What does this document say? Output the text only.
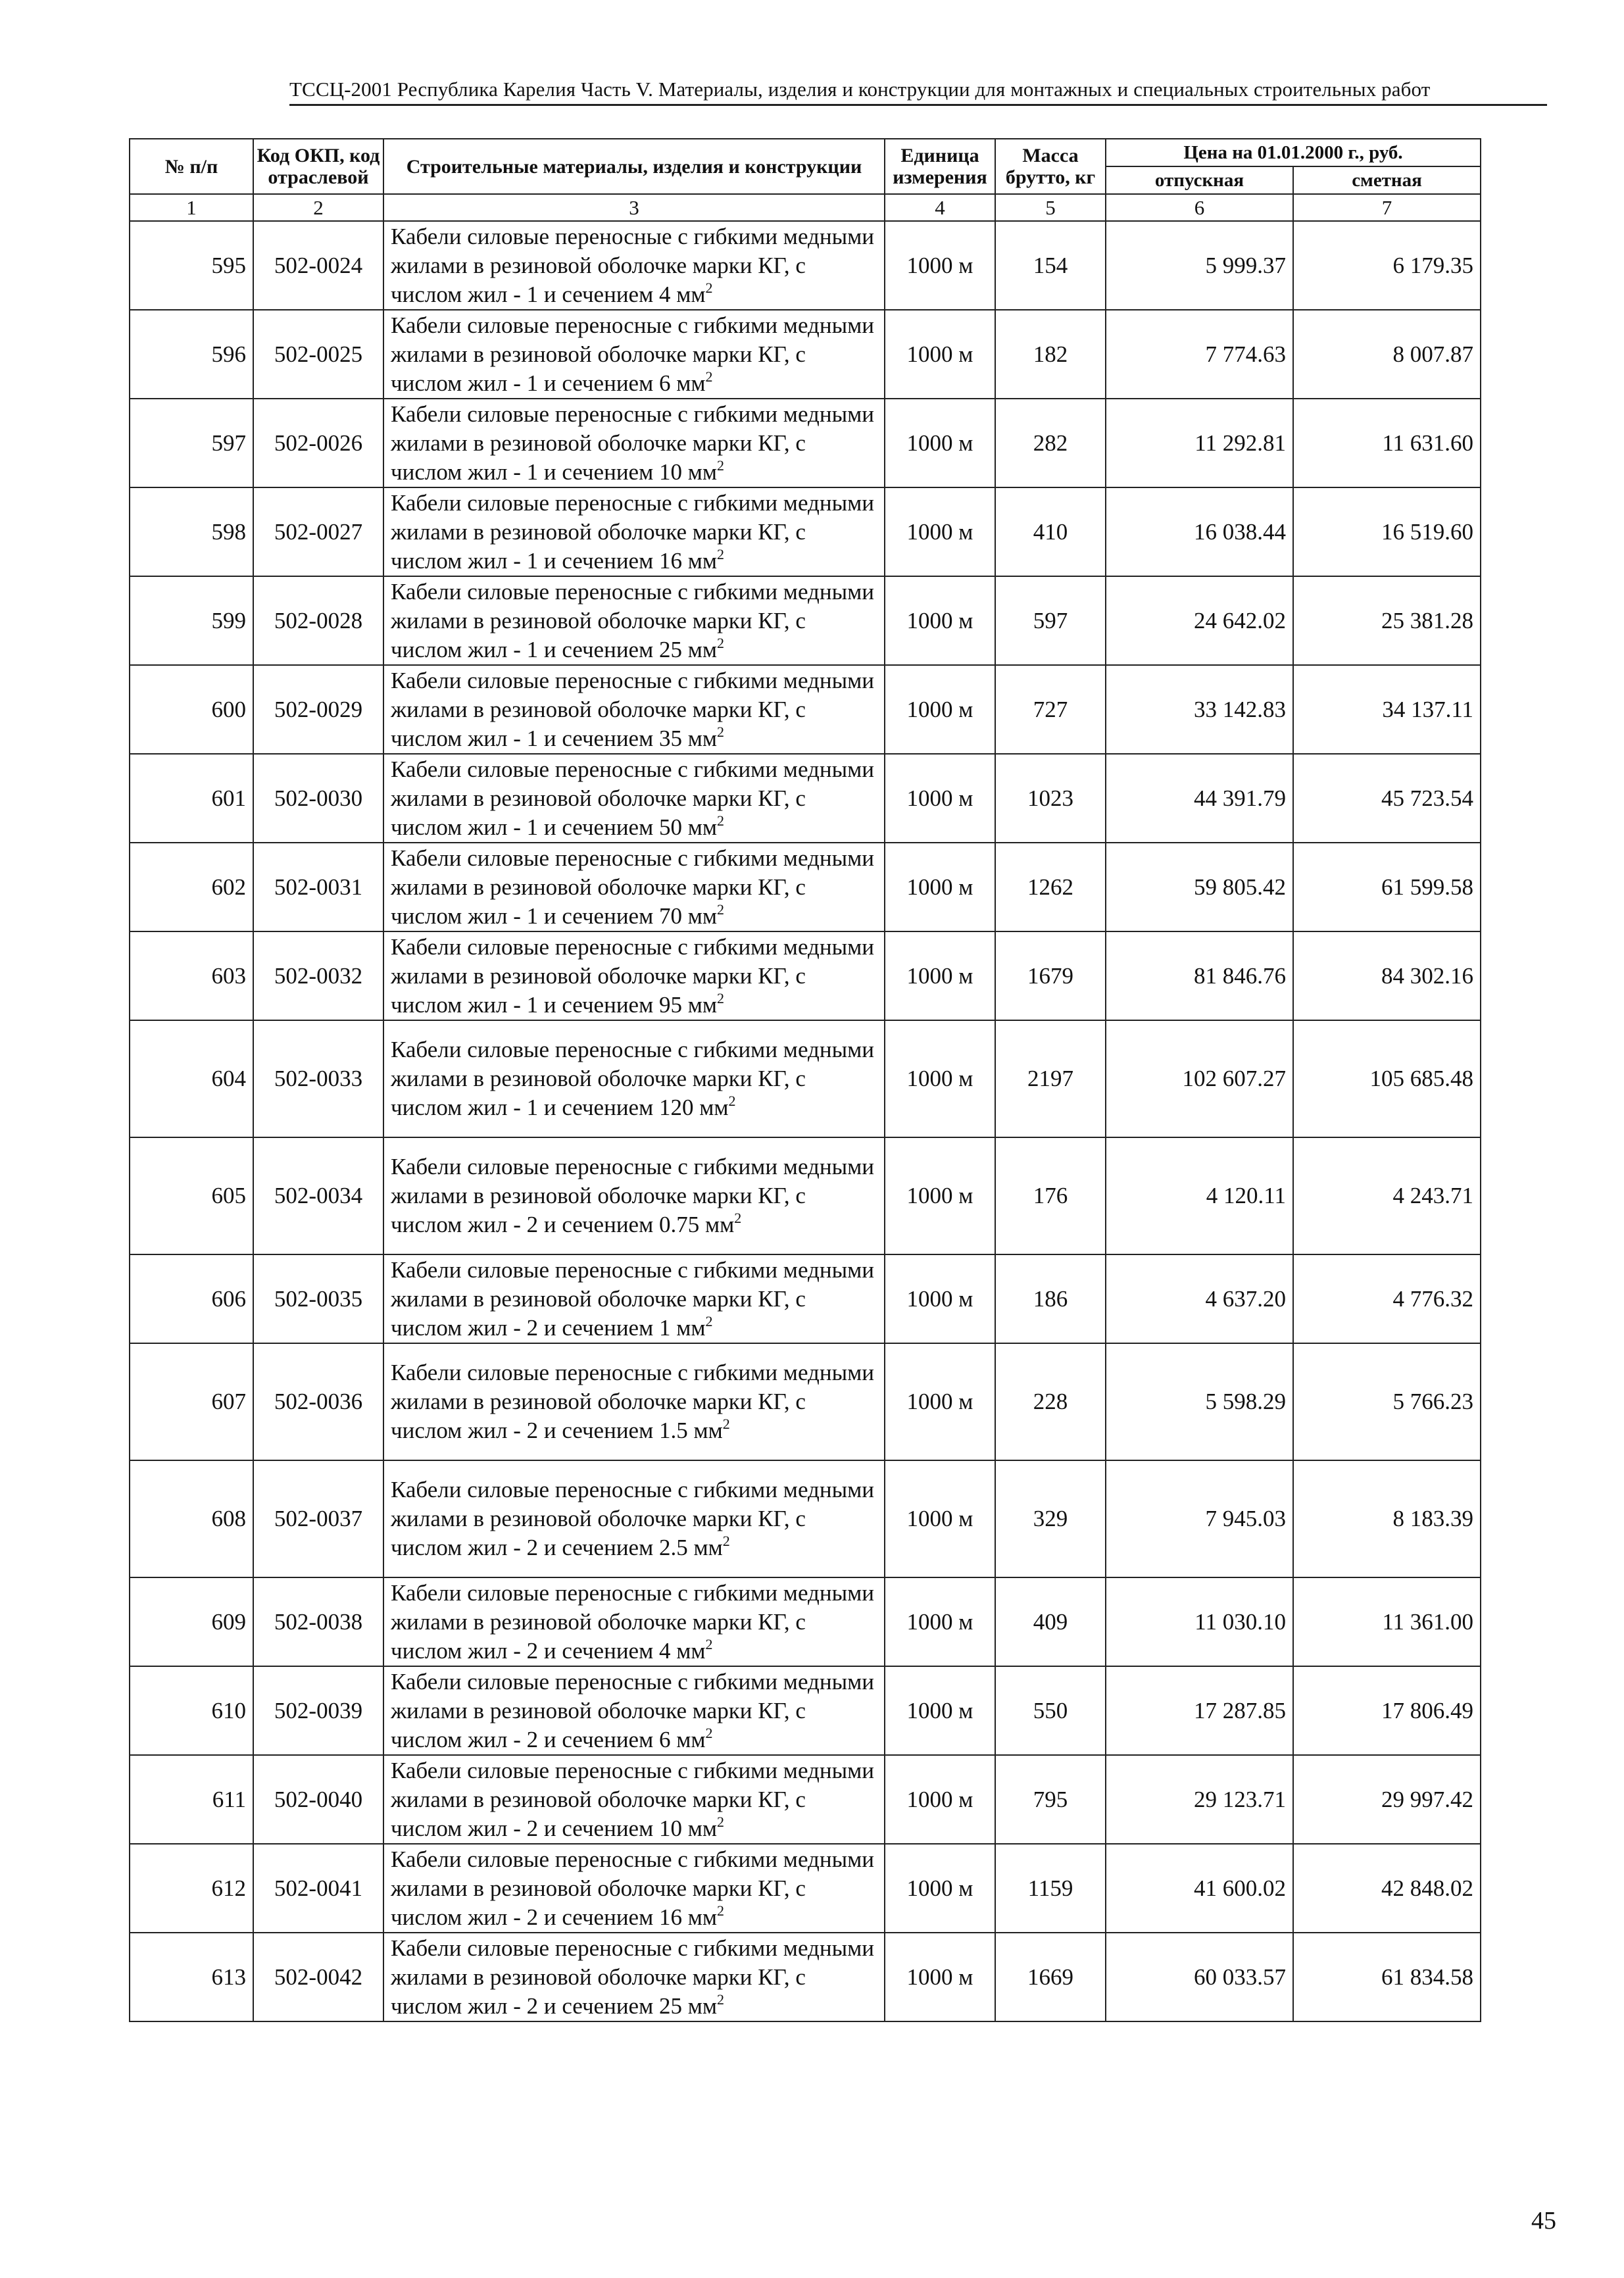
ТССЦ-2001 Республика Карелия Часть V. Материалы, изделия и конструкции для монтажных и специальных строительных работ
№ п/п	Код ОКП, код отраслевой	Строительные материалы, изделия и конструкции	Единица измерения	Масса брутто, кг	Цена на 01.01.2000 г., руб.	
					отпускная	сметная
1	2	3	4	5	6	7
595	502-0024	Кабели силовые переносные с гибкими медными жилами в резиновой оболочке марки КГ, с числом жил - 1 и сечением 4 $мм^2$	1000 м	154	5 999.37	6 179.35
596	502-0025	Кабели силовые переносные с гибкими медными жилами в резиновой оболочке марки КГ, с числом жил - 1 и сечением 6 $мм^2$	1000 м	182	7 774.63	8 007.87
597	502-0026	Кабели силовые переносные с гибкими медными жилами в резиновой оболочке марки КГ, с числом жил - 1 и сечением 10 $мм^2$	1000 м	282	11 292.81	11 631.60
598	502-0027	Кабели силовые переносные с гибкими медными жилами в резиновой оболочке марки КГ, с числом жил - 1 и сечением 16 $мм^2$	1000 м	410	16 038.44	16 519.60
599	502-0028	Кабели силовые переносные с гибкими медными жилами в резиновой оболочке марки КГ, с числом жил - 1 и сечением 25 $мм^2$	1000 м	597	24 642.02	25 381.28
600	502-0029	Кабели силовые переносные с гибкими медными жилами в резиновой оболочке марки КГ, с числом жил - 1 и сечением 35 $мм^2$	1000 м	727	33 142.83	34 137.11
601	502-0030	Кабели силовые переносные с гибкими медными жилами в резиновой оболочке марки КГ, с числом жил - 1 и сечением 50 $мм^2$	1000 м	1023	44 391.79	45 723.54
602	502-0031	Кабели силовые переносные с гибкими медными жилами в резиновой оболочке марки КГ, с числом жил - 1 и сечением 70 $мм^2$	1000 м	1262	59 805.42	61 599.58
603	502-0032	Кабели силовые переносные с гибкими медными жилами в резиновой оболочке марки КГ, с числом жил - 1 и сечением 95 $мм^2$	1000 м	1679	81 846.76	84 302.16
604	502-0033	Кабели силовые переносные с гибкими медными жилами в резиновой оболочке марки КГ, с числом жил - 1 и сечением 120 $мм^2$	1000 м	2197	102 607.27	105 685.48
605	502-0034	Кабели силовые переносные с гибкими медными жилами в резиновой оболочке марки КГ, с числом жил - 2 и сечением 0.75 $мм^2$	1000 м	176	4 120.11	4 243.71
606	502-0035	Кабели силовые переносные с гибкими медными жилами в резиновой оболочке марки КГ, с числом жил - 2 и сечением 1 $мм^2$	1000 м	186	4 637.20	4 776.32
607	502-0036	Кабели силовые переносные с гибкими медными жилами в резиновой оболочке марки КГ, с числом жил - 2 и сечением 1.5 $мм^2$	1000 м	228	5 598.29	5 766.23
608	502-0037	Кабели силовые переносные с гибкими медными жилами в резиновой оболочке марки КГ, с числом жил - 2 и сечением 2.5 $мм^2$	1000 м	329	7 945.03	8 183.39
609	502-0038	Кабели силовые переносные с гибкими медными жилами в резиновой оболочке марки КГ, с числом жил - 2 и сечением 4 $мм^2$	1000 м	409	11 030.10	11 361.00
610	502-0039	Кабели силовые переносные с гибкими медными жилами в резиновой оболочке марки КГ, с числом жил - 2 и сечением 6 $мм^2$	1000 м	550	17 287.85	17 806.49
611	502-0040	Кабели силовые переносные с гибкими медными жилами в резиновой оболочке марки КГ, с числом жил - 2 и сечением 10 $мм^2$	1000 м	795	29 123.71	29 997.42
612	502-0041	Кабели силовые переносные с гибкими медными жилами в резиновой оболочке марки КГ, с числом жил - 2 и сечением 16 $мм^2$	1000 м	1159	41 600.02	42 848.02
613	502-0042	Кабели силовые переносные с гибкими медными жилами в резиновой оболочке марки КГ, с числом жил - 2 и сечением 25 $мм^2$	1000 м	1669	60 033.57	61 834.58
45
